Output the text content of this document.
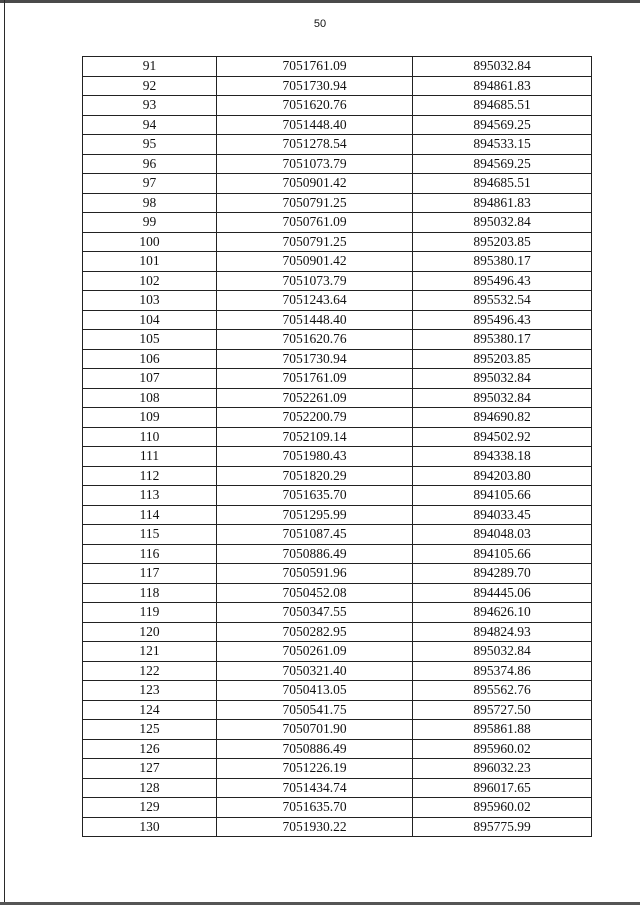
50
91	7051761.09	895032.84
92	7051730.94	894861.83
93	7051620.76	894685.51
94	7051448.40	894569.25
95	7051278.54	894533.15
96	7051073.79	894569.25
97	7050901.42	894685.51
98	7050791.25	894861.83
99	7050761.09	895032.84
100	7050791.25	895203.85
101	7050901.42	895380.17
102	7051073.79	895496.43
103	7051243.64	895532.54
104	7051448.40	895496.43
105	7051620.76	895380.17
106	7051730.94	895203.85
107	7051761.09	895032.84
108	7052261.09	895032.84
109	7052200.79	894690.82
110	7052109.14	894502.92
111	7051980.43	894338.18
112	7051820.29	894203.80
113	7051635.70	894105.66
114	7051295.99	894033.45
115	7051087.45	894048.03
116	7050886.49	894105.66
117	7050591.96	894289.70
118	7050452.08	894445.06
119	7050347.55	894626.10
120	7050282.95	894824.93
121	7050261.09	895032.84
122	7050321.40	895374.86
123	7050413.05	895562.76
124	7050541.75	895727.50
125	7050701.90	895861.88
126	7050886.49	895960.02
127	7051226.19	896032.23
128	7051434.74	896017.65
129	7051635.70	895960.02
130	7051930.22	895775.99
